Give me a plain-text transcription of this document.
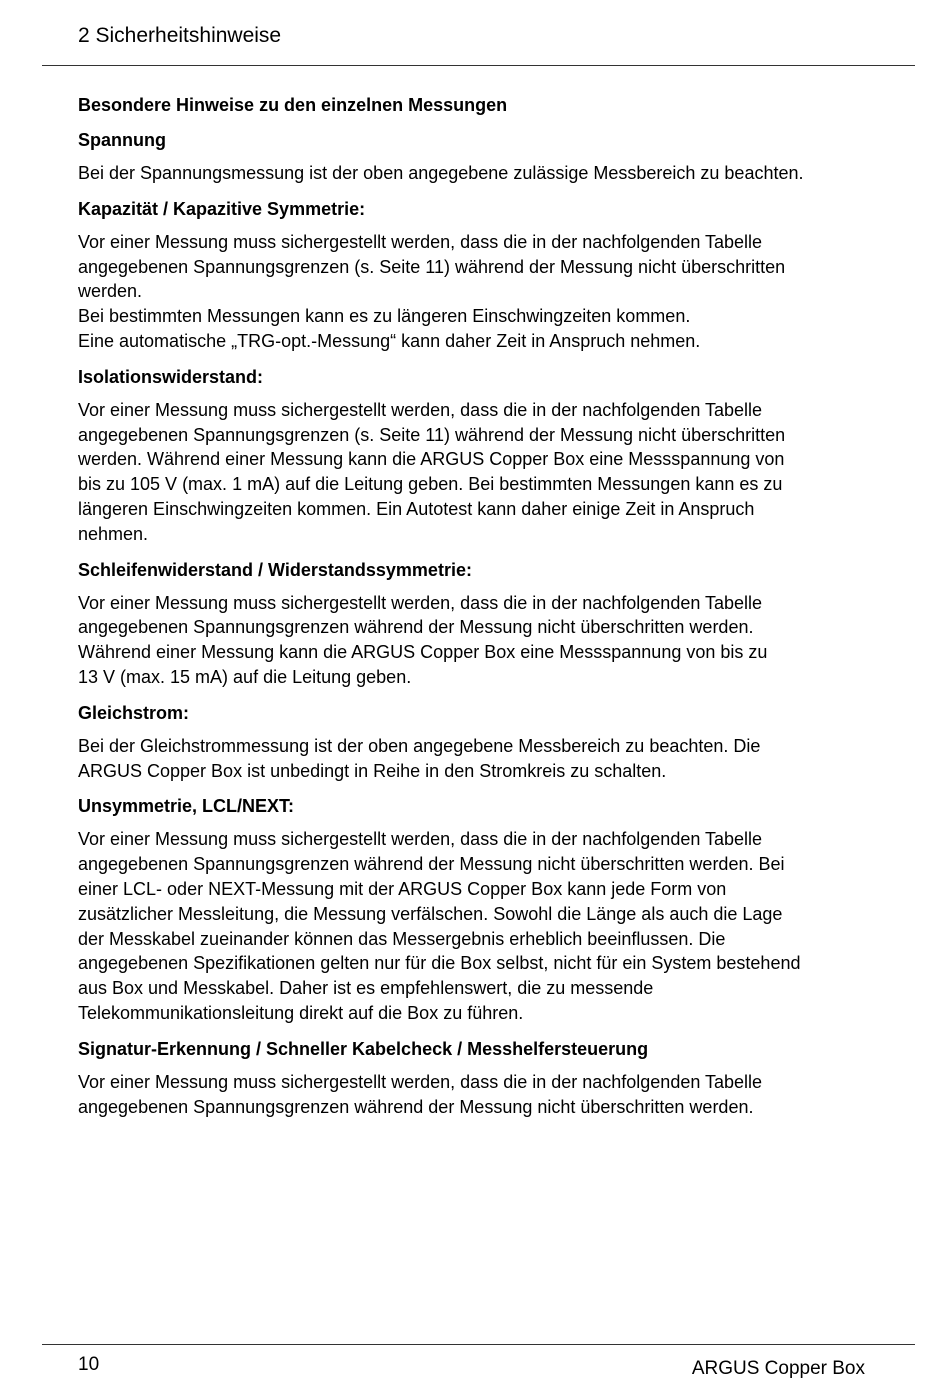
2 Sicherheitshinweise
Besondere Hinweise zu den einzelnen Messungen
Spannung

Bei der Spannungsmessung ist der oben angegebene zulässige Messbereich zu beachten.

Kapazität / Kapazitive Symmetrie:

Vor einer Messung muss sichergestellt werden, dass die in der nachfolgenden Tabelle
angegebenen Spannungsgrenzen (s. Seite 11) während der Messung nicht überschritten
werden.
Bei bestimmten Messungen kann es zu längeren Einschwingzeiten kommen.
Eine automatische „TRG-opt.-Messung“ kann daher Zeit in Anspruch nehmen.

Isolationswiderstand:

Vor einer Messung muss sichergestellt werden, dass die in der nachfolgenden Tabelle
angegebenen Spannungsgrenzen (s. Seite 11) während der Messung nicht überschritten
werden. Während einer Messung kann die ARGUS Copper Box eine Messspannung von
bis zu 105 V (max. 1 mA) auf die Leitung geben. Bei bestimmten Messungen kann es zu
längeren Einschwingzeiten kommen. Ein Autotest kann daher einige Zeit in Anspruch
nehmen.

Schleifenwiderstand / Widerstandssymmetrie:

Vor einer Messung muss sichergestellt werden, dass die in der nachfolgenden Tabelle
angegebenen Spannungsgrenzen während der Messung nicht überschritten werden.
Während einer Messung kann die ARGUS Copper Box eine Messspannung von bis zu
13 V (max. 15 mA) auf die Leitung geben.

Gleichstrom:

Bei der Gleichstrommessung ist der oben angegebene Messbereich zu beachten. Die
ARGUS Copper Box ist unbedingt in Reihe in den Stromkreis zu schalten.

Unsymmetrie, LCL/NEXT:

Vor einer Messung muss sichergestellt werden, dass die in der nachfolgenden Tabelle
angegebenen Spannungsgrenzen während der Messung nicht überschritten werden. Bei
einer LCL- oder NEXT-Messung mit der ARGUS Copper Box kann jede Form von
zusätzlicher Messleitung, die Messung verfälschen. Sowohl die Länge als auch die Lage
der Messkabel zueinander können das Messergebnis erheblich beeinflussen. Die
angegebenen Spezifikationen gelten nur für die Box selbst, nicht für ein System bestehend
aus Box und Messkabel. Daher ist es empfehlenswert, die zu messende
Telekommunikationsleitung direkt auf die Box zu führen.

Signatur-Erkennung / Schneller Kabelcheck / Messhelfersteuerung

Vor einer Messung muss sichergestellt werden, dass die in der nachfolgenden Tabelle
angegebenen Spannungsgrenzen während der Messung nicht überschritten werden.

10	ARGUS Copper Box
